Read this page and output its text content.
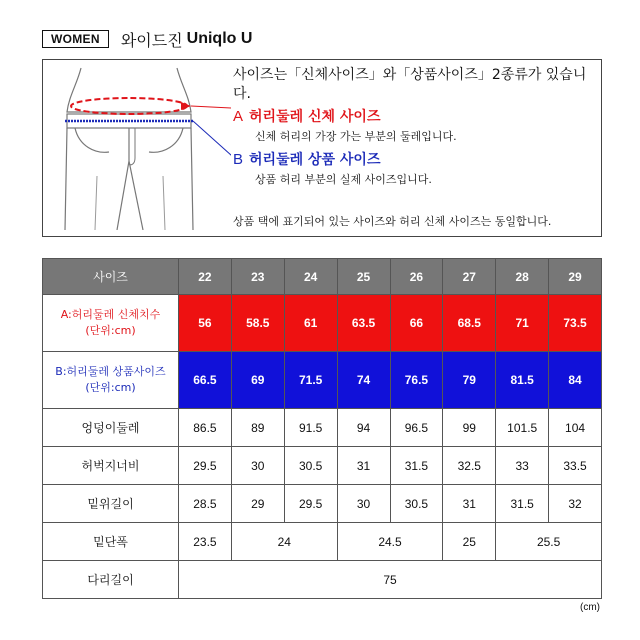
WOMEN	와이드진 Uniqlo U
사이즈는「신체사이즈」와「상품사이즈」2종류가 있습니다.
A 허리둘레 신체 사이즈
신체 허리의 가장 가는 부분의 둘레입니다.
B 허리둘레 상품 사이즈
상품 허리 부분의 실제 사이즈입니다.
상품 택에 표기되어 있는 사이즈와 허리 신체 사이즈는 동일합니다.
사이즈	22	23	24	25	26	27	28	29

A:허리둘레 신체치수
(단위:cm)	56	58.5	61	63.5	66	68.5	71	73.5

B:허리둘레 상품사이즈
(단위:cm)	66.5	69	71.5	74	76.5	79	81.5	84
엉덩이둘레	86.5	89	91.5	94	96.5	99	101.5	104
허벅지너비	29.5	30	30.5	31	31.5	32.5	33	33.5
밑위길이	28.5	29	29.5	30	30.5	31	31.5	32
밑단폭	23.5	24		24.5		25	25.5	
다리길이	75							
(cm)
